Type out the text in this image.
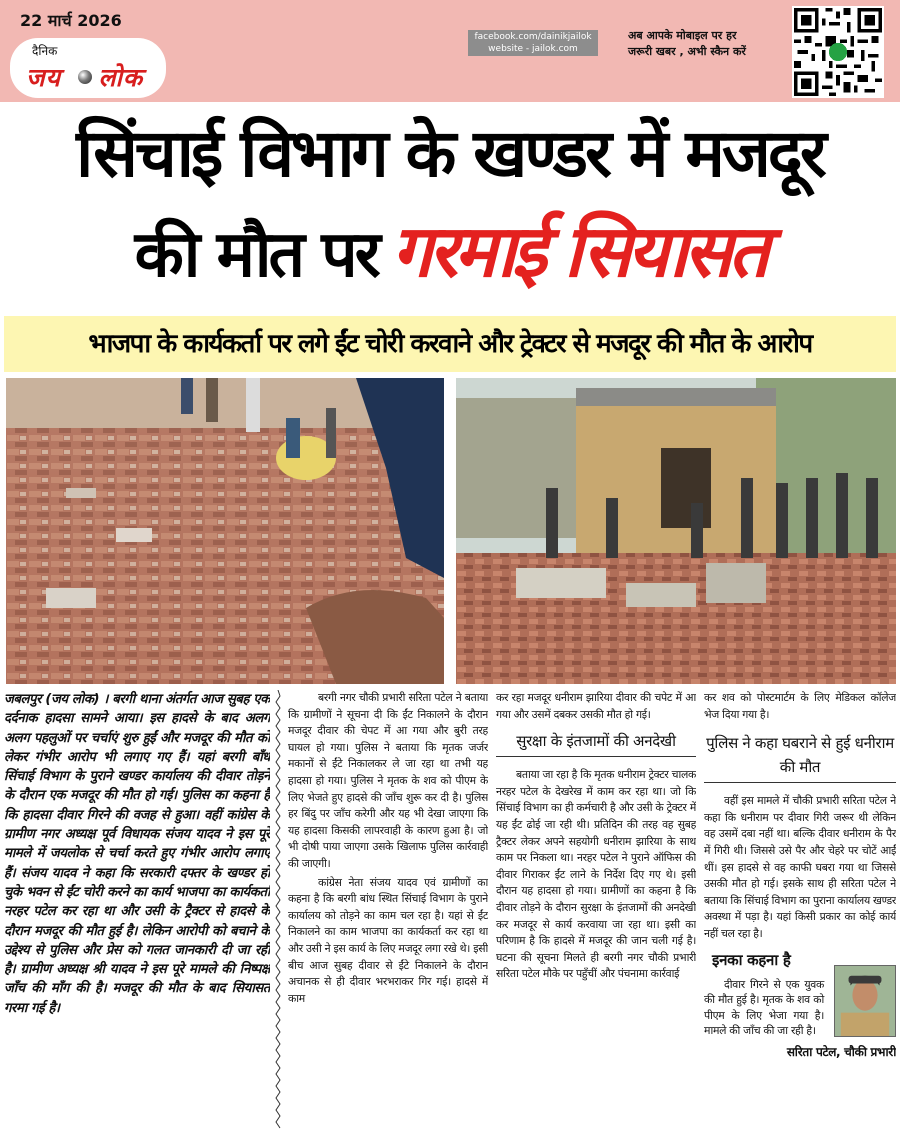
22 मार्च 2026
दैनिक
जय लोक
facebook.com/dainikjailok
website - jailok.com
अब आपके मोबाइल पर हर
जरूरी खबर , अभी स्कैन करें
सिंचाई विभाग के खण्डर में मजदूर
की मौत पर गरमाई सियासत
भाजपा के कार्यकर्ता पर लगे ईंट चोरी करवाने और ट्रेक्टर से मजदूर की मौत के आरोप

जबलपुर (जय लोक) । बरगी थाना अंतर्गत आज सुबह एक दर्दनाक हादसा सामने आया। इस हादसे के बाद अलग अलग पहलुओं पर चर्चाएं शुरु हुईं और मजदूर की मौत को लेकर गंभीर आरोप भी लगाए गए हैं। यहां बरगी बाँध सिंचाई विभाग के पुराने खण्डर कार्यालय की दीवार तोड़ने के दौरान एक मजदूर की मौत हो गई। पुलिस का कहना है कि हादसा दीवार गिरने की वजह से हुआ। वहीं कांग्रेस के ग्रामीण नगर अध्यक्ष पूर्व विधायक संजय यादव ने इस पूरे मामले में जयलोक से चर्चा करते हुए गंभीर आरोप लगाए हैं। संजय यादव ने कहा कि सरकारी दफ्तर के खण्डर हो चुके भवन से ईंट चोरी करने का कार्य भाजपा का कार्यकर्ता नरहर पटेल कर रहा था और उसी के ट्रैक्टर से हादसे के दौरान मजदूर की मौत हुई है। लेकिन आरोपी को बचाने के उद्देश्य से पुलिस और प्रेस को गलत जानकारी दी जा रही है। ग्रामीण अध्यक्ष श्री यादव ने इस पूरे मामले की निष्पक्ष जाँच की माँग की है। मजदूर की मौत के बाद सियासत गरमा गई है।

बरगी नगर चौकी प्रभारी सरिता पटेल ने बताया कि ग्रामीणों ने सूचना दी कि ईंट निकालने के दौरान मजदूर दीवार की चेपट में आ गया और बुरी तरह घायल हो गया। पुलिस ने बताया कि मृतक जर्जर मकानों से ईंटे निकालकर ले जा रहा था तभी यह हादसा हो गया। पुलिस ने मृतक के शव को पीएम के लिए भेजते हुए हादसे की जाँच शुरू कर दी है। पुलिस हर बिंदु पर जाँच करेगी और यह भी देखा जाएगा कि यह हादसा किसकी लापरवाही के कारण हुआ है। जो भी दोषी पाया जाएगा उसके खिलाफ पुलिस कार्रवाही की जाएगी।

कांग्रेस नेता संजय यादव एवं ग्रामीणों का कहना है कि बरगी बांध स्थित सिंचाई विभाग के पुराने कार्यालय को तोड़ने का काम चल रहा है। यहां से ईंट निकालने का काम भाजपा का कार्यकर्ता कर रहा था और उसी ने इस कार्य के लिए मजदूर लगा रखे थे। इसी बीच आज सुबह दीवार से ईंटे निकालने के दौरान अचानक से ही दीवार भरभराकर गिर गई। हादसे में काम

कर रहा मजदूर धनीराम झारिया दीवार की चपेट में आ गया और उसमें दबकर उसकी मौत हो गई।

सुरक्षा के इंतजामों की अनदेखी

बताया जा रहा है कि मृतक धनीराम ट्रेक्टर चालक नरहर पटेल के देखरेख में काम कर रहा था। जो कि सिंचाई विभाग का ही कर्मचारी है और उसी के ट्रेक्टर में यह ईंट ढोई जा रही थी। प्रतिदिन की तरह वह सुबह ट्रैक्टर लेकर अपने सहयोगी धनीराम झारिया के साथ काम पर निकला था। नरहर पटेल ने पुराने ऑफिस की दीवार गिराकर ईंट लाने के निर्देश दिए गए थे। इसी दौरान यह हादसा हो गया। ग्रामीणों का कहना है कि दीवार तोड़ने के दौरान सुरक्षा के इंतजामों की अनदेखी कर मजदूर से कार्य करवाया जा रहा था। इसी का परिणाम है कि हादसे में मजदूर की जान चली गई है। घटना की सूचना मिलते ही बरगी नगर चौकी प्रभारी सरिता पटेल मौके पर पहुँचीं और पंचनामा कार्रवाई

कर शव को पोस्टमार्टम के लिए मेडिकल कॉलेज भेज दिया गया है।

पुलिस ने कहा घबराने से हुई धनीराम की मौत

वहीं इस मामले में चौकी प्रभारी सरिता पटेल ने कहा कि धनीराम पर दीवार गिरी जरूर थी लेकिन वह उसमें दबा नहीं था। बल्कि दीवार धनीराम के पैर में गिरी थी। जिससे उसे पैर और चेहरे पर चोटें आईं थीं। इस हादसे से वह काफी घबरा गया था जिससे उसकी मौत हो गई। इसके साथ ही सरिता पटेल ने बताया कि सिंचाई विभाग का पुराना कार्यालय खण्डर अवस्था में पड़ा है। यहां किसी प्रकार का कोई कार्य नहीं चल रहा है।

इनका कहना है
दीवार गिरने से एक युवक की मौत हुई है। मृतक के शव को पीएम के लिए भेजा गया है। मामले की जाँच की जा रही है।
सरिता पटेल, चौकी प्रभारी
